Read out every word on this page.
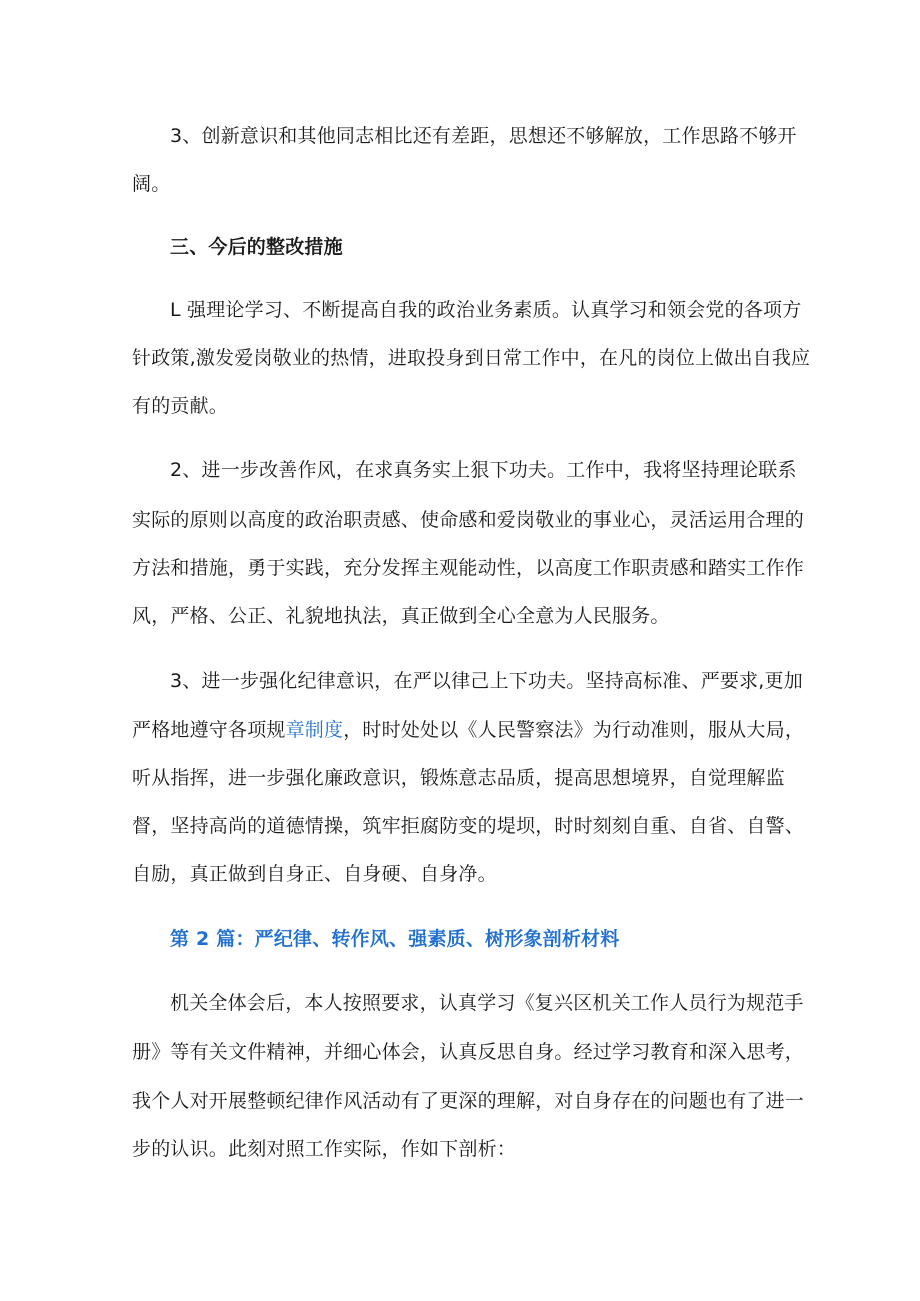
3、创新意识和其他同志相比还有差距，思想还不够解放，工作思路不够开
阔。
三、今后的整改措施
L 强理论学习、不断提高自我的政治业务素质。认真学习和领会党的各项方
针政策,激发爱岗敬业的热情，进取投身到日常工作中，在凡的岗位上做出自我应
有的贡献。
2、进一步改善作风，在求真务实上狠下功夫。工作中，我将坚持理论联系
实际的原则以高度的政治职责感、使命感和爱岗敬业的事业心，灵活运用合理的
方法和措施，勇于实践，充分发挥主观能动性，以高度工作职责感和踏实工作作
风，严格、公正、礼貌地执法，真正做到全心全意为人民服务。
3、进一步强化纪律意识，在严以律己上下功夫。坚持高标准、严要求,更加
严格地遵守各项规章制度，时时处处以《人民警察法》为行动准则，服从大局，
听从指挥，进一步强化廉政意识，锻炼意志品质，提高思想境界，自觉理解监
督，坚持高尚的道德情操，筑牢拒腐防变的堤坝，时时刻刻自重、自省、自警、
自励，真正做到自身正、自身硬、自身净。
第 2 篇：严纪律、转作风、强素质、树形象剖析材料
机关全体会后，本人按照要求，认真学习《复兴区机关工作人员行为规范手
册》等有关文件精神，并细心体会，认真反思自身。经过学习教育和深入思考，
我个人对开展整顿纪律作风活动有了更深的理解，对自身存在的问题也有了进一
步的认识。此刻对照工作实际，作如下剖析：
